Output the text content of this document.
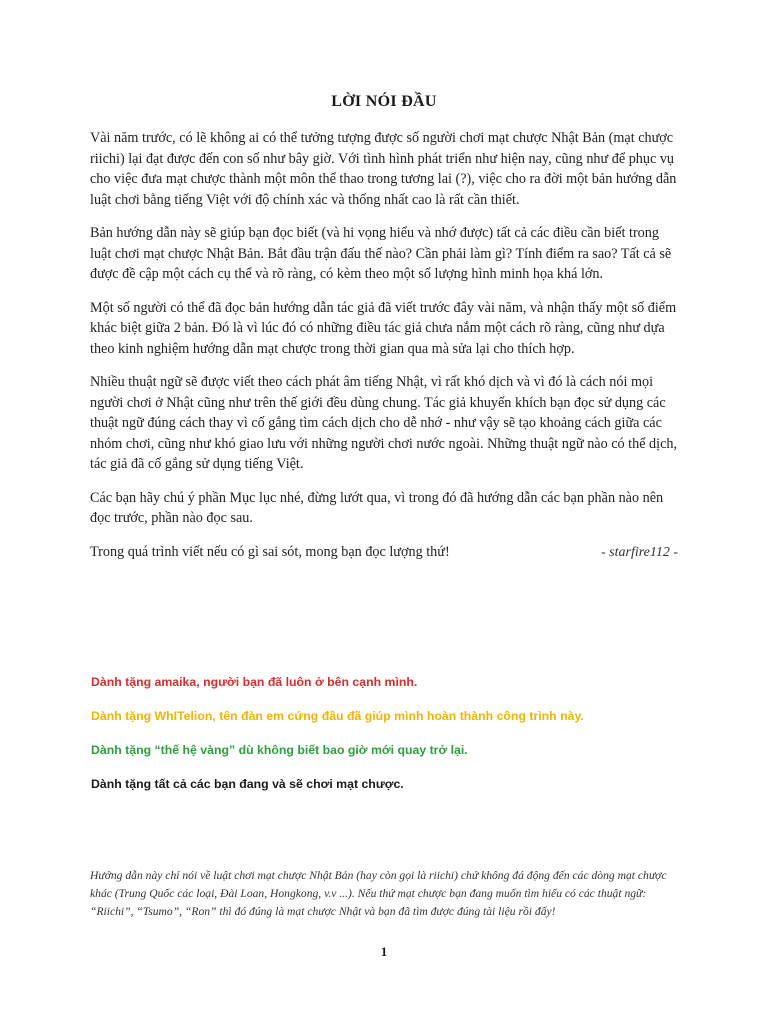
LỜI NÓI ĐẦU

Vài năm trước, có lẽ không ai có thể tưởng tượng được số người chơi mạt chược Nhật Bản (mạt chược riichi) lại đạt được đến con số như bây giờ. Với tình hình phát triển như hiện nay, cũng như để phục vụ cho việc đưa mạt chược thành một môn thể thao trong tương lai (?), việc cho ra đời một bản hướng dẫn luật chơi bằng tiếng Việt với độ chính xác và thống nhất cao là rất cần thiết.

Bản hướng dẫn này sẽ giúp bạn đọc biết (và hi vọng hiểu và nhớ được) tất cả các điều cần biết trong luật chơi mạt chược Nhật Bản. Bắt đầu trận đấu thế nào? Cần phải làm gì? Tính điểm ra sao? Tất cả sẽ được đề cập một cách cụ thể và rõ ràng, có kèm theo một số lượng hình minh họa khá lớn.

Một số người có thể đã đọc bản hướng dẫn tác giả đã viết trước đây vài năm, và nhận thấy một số điểm khác biệt giữa 2 bản. Đó là vì lúc đó có những điều tác giả chưa nắm một cách rõ ràng, cũng như dựa theo kinh nghiệm hướng dẫn mạt chược trong thời gian qua mà sửa lại cho thích hợp.

Nhiều thuật ngữ sẽ được viết theo cách phát âm tiếng Nhật, vì rất khó dịch và vì đó là cách nói mọi người chơi ở Nhật cũng như trên thế giới đều dùng chung. Tác giả khuyến khích bạn đọc sử dụng các thuật ngữ đúng cách thay vì cố gắng tìm cách dịch cho dễ nhớ - như vậy sẽ tạo khoảng cách giữa các nhóm chơi, cũng như khó giao lưu với những người chơi nước ngoài. Những thuật ngữ nào có thể dịch, tác giả đã cố gắng sử dụng tiếng Việt.

Các bạn hãy chú ý phần Mục lục nhé, đừng lướt qua, vì trong đó đã hướng dẫn các bạn phần nào nên đọc trước, phần nào đọc sau.

Trong quá trình viết nếu có gì sai sót, mong bạn đọc lượng thứ!	- starfire112 -
Dành tặng amaika, người bạn đã luôn ở bên cạnh mình.
Dành tặng WhITelion, tên đàn em cứng đầu đã giúp mình hoàn thành công trình này.
Dành tặng “thế hệ vàng” dù không biết bao giờ mới quay trở lại.
Dành tặng tất cả các bạn đang và sẽ chơi mạt chược.
Hướng dẫn này chỉ nói về luật chơi mạt chược Nhật Bản (hay còn gọi là riichi) chứ không đá động đến các dòng mạt chược khác (Trung Quốc các loại, Đài Loan, Hongkong, v.v ...). Nếu thứ mạt chược bạn đang muốn tìm hiểu có các thuật ngữ: “Riichi”, “Tsumo”, “Ron” thì đó đúng là mạt chược Nhật và bạn đã tìm được đúng tài liệu rồi đấy!
1
